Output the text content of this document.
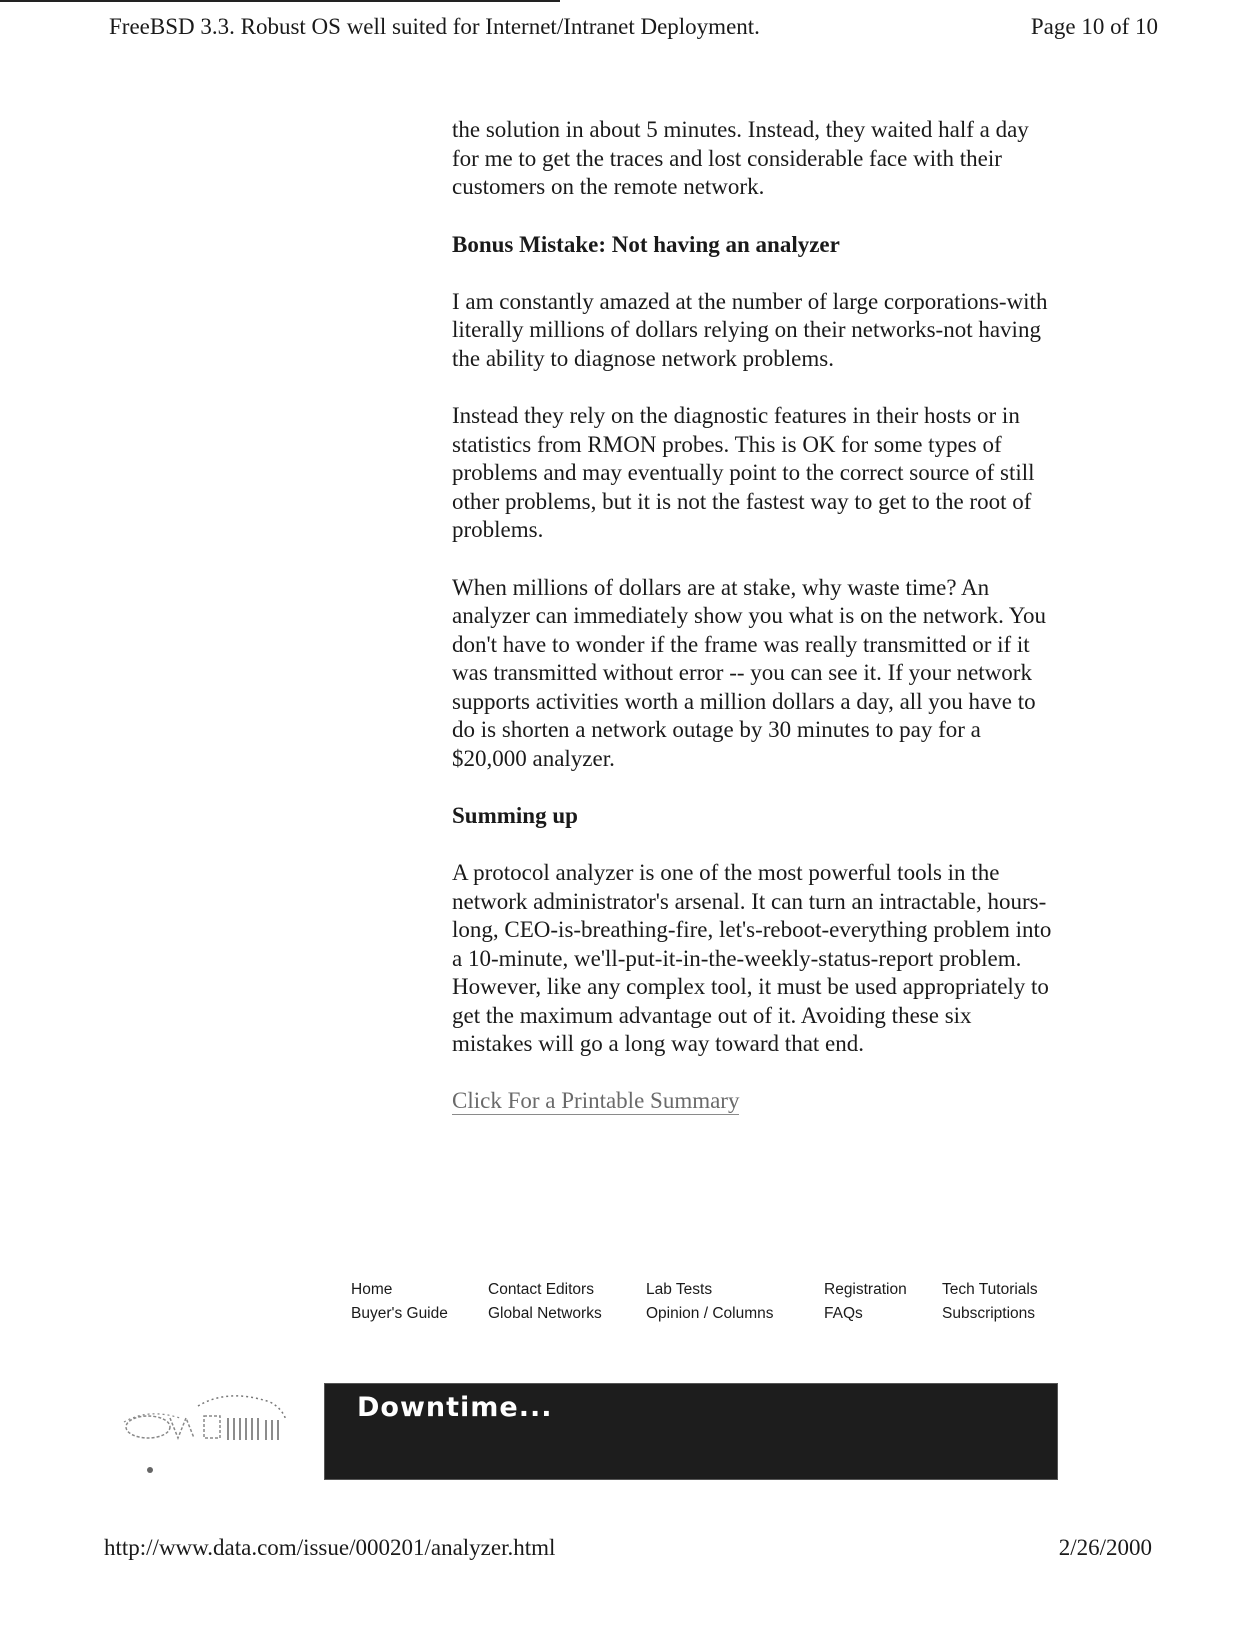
FreeBSD 3.3. Robust OS well suited for Internet/Intranet Deployment.	Page 10 of 10

the solution in about 5 minutes. Instead, they waited half a day for me to get the traces and lost considerable face with their customers on the remote network.

Bonus Mistake: Not having an analyzer

I am constantly amazed at the number of large corporations-with literally millions of dollars relying on their networks-not having the ability to diagnose network problems.

Instead they rely on the diagnostic features in their hosts or in statistics from RMON probes. This is OK for some types of problems and may eventually point to the correct source of still other problems, but it is not the fastest way to get to the root of problems.

When millions of dollars are at stake, why waste time? An analyzer can immediately show you what is on the network. You don't have to wonder if the frame was really transmitted or if it was transmitted without error -- you can see it. If your network supports activities worth a million dollars a day, all you have to do is shorten a network outage by 30 minutes to pay for a $20,000 analyzer.

Summing up

A protocol analyzer is one of the most powerful tools in the network administrator's arsenal. It can turn an intractable, hours-long, CEO-is-breathing-fire, let's-reboot-everything problem into a 10-minute, we'll-put-it-in-the-weekly-status-report problem. However, like any complex tool, it must be used appropriately to get the maximum advantage out of it. Avoiding these six mistakes will go a long way toward that end.

Click For a Printable Summary
Home
Buyer's Guide
Contact Editors
Global Networks
Lab Tests
Opinion / Columns
Registration
FAQs
Tech Tutorials
Subscriptions
Downtime...
http://www.data.com/issue/000201/analyzer.html	2/26/2000
